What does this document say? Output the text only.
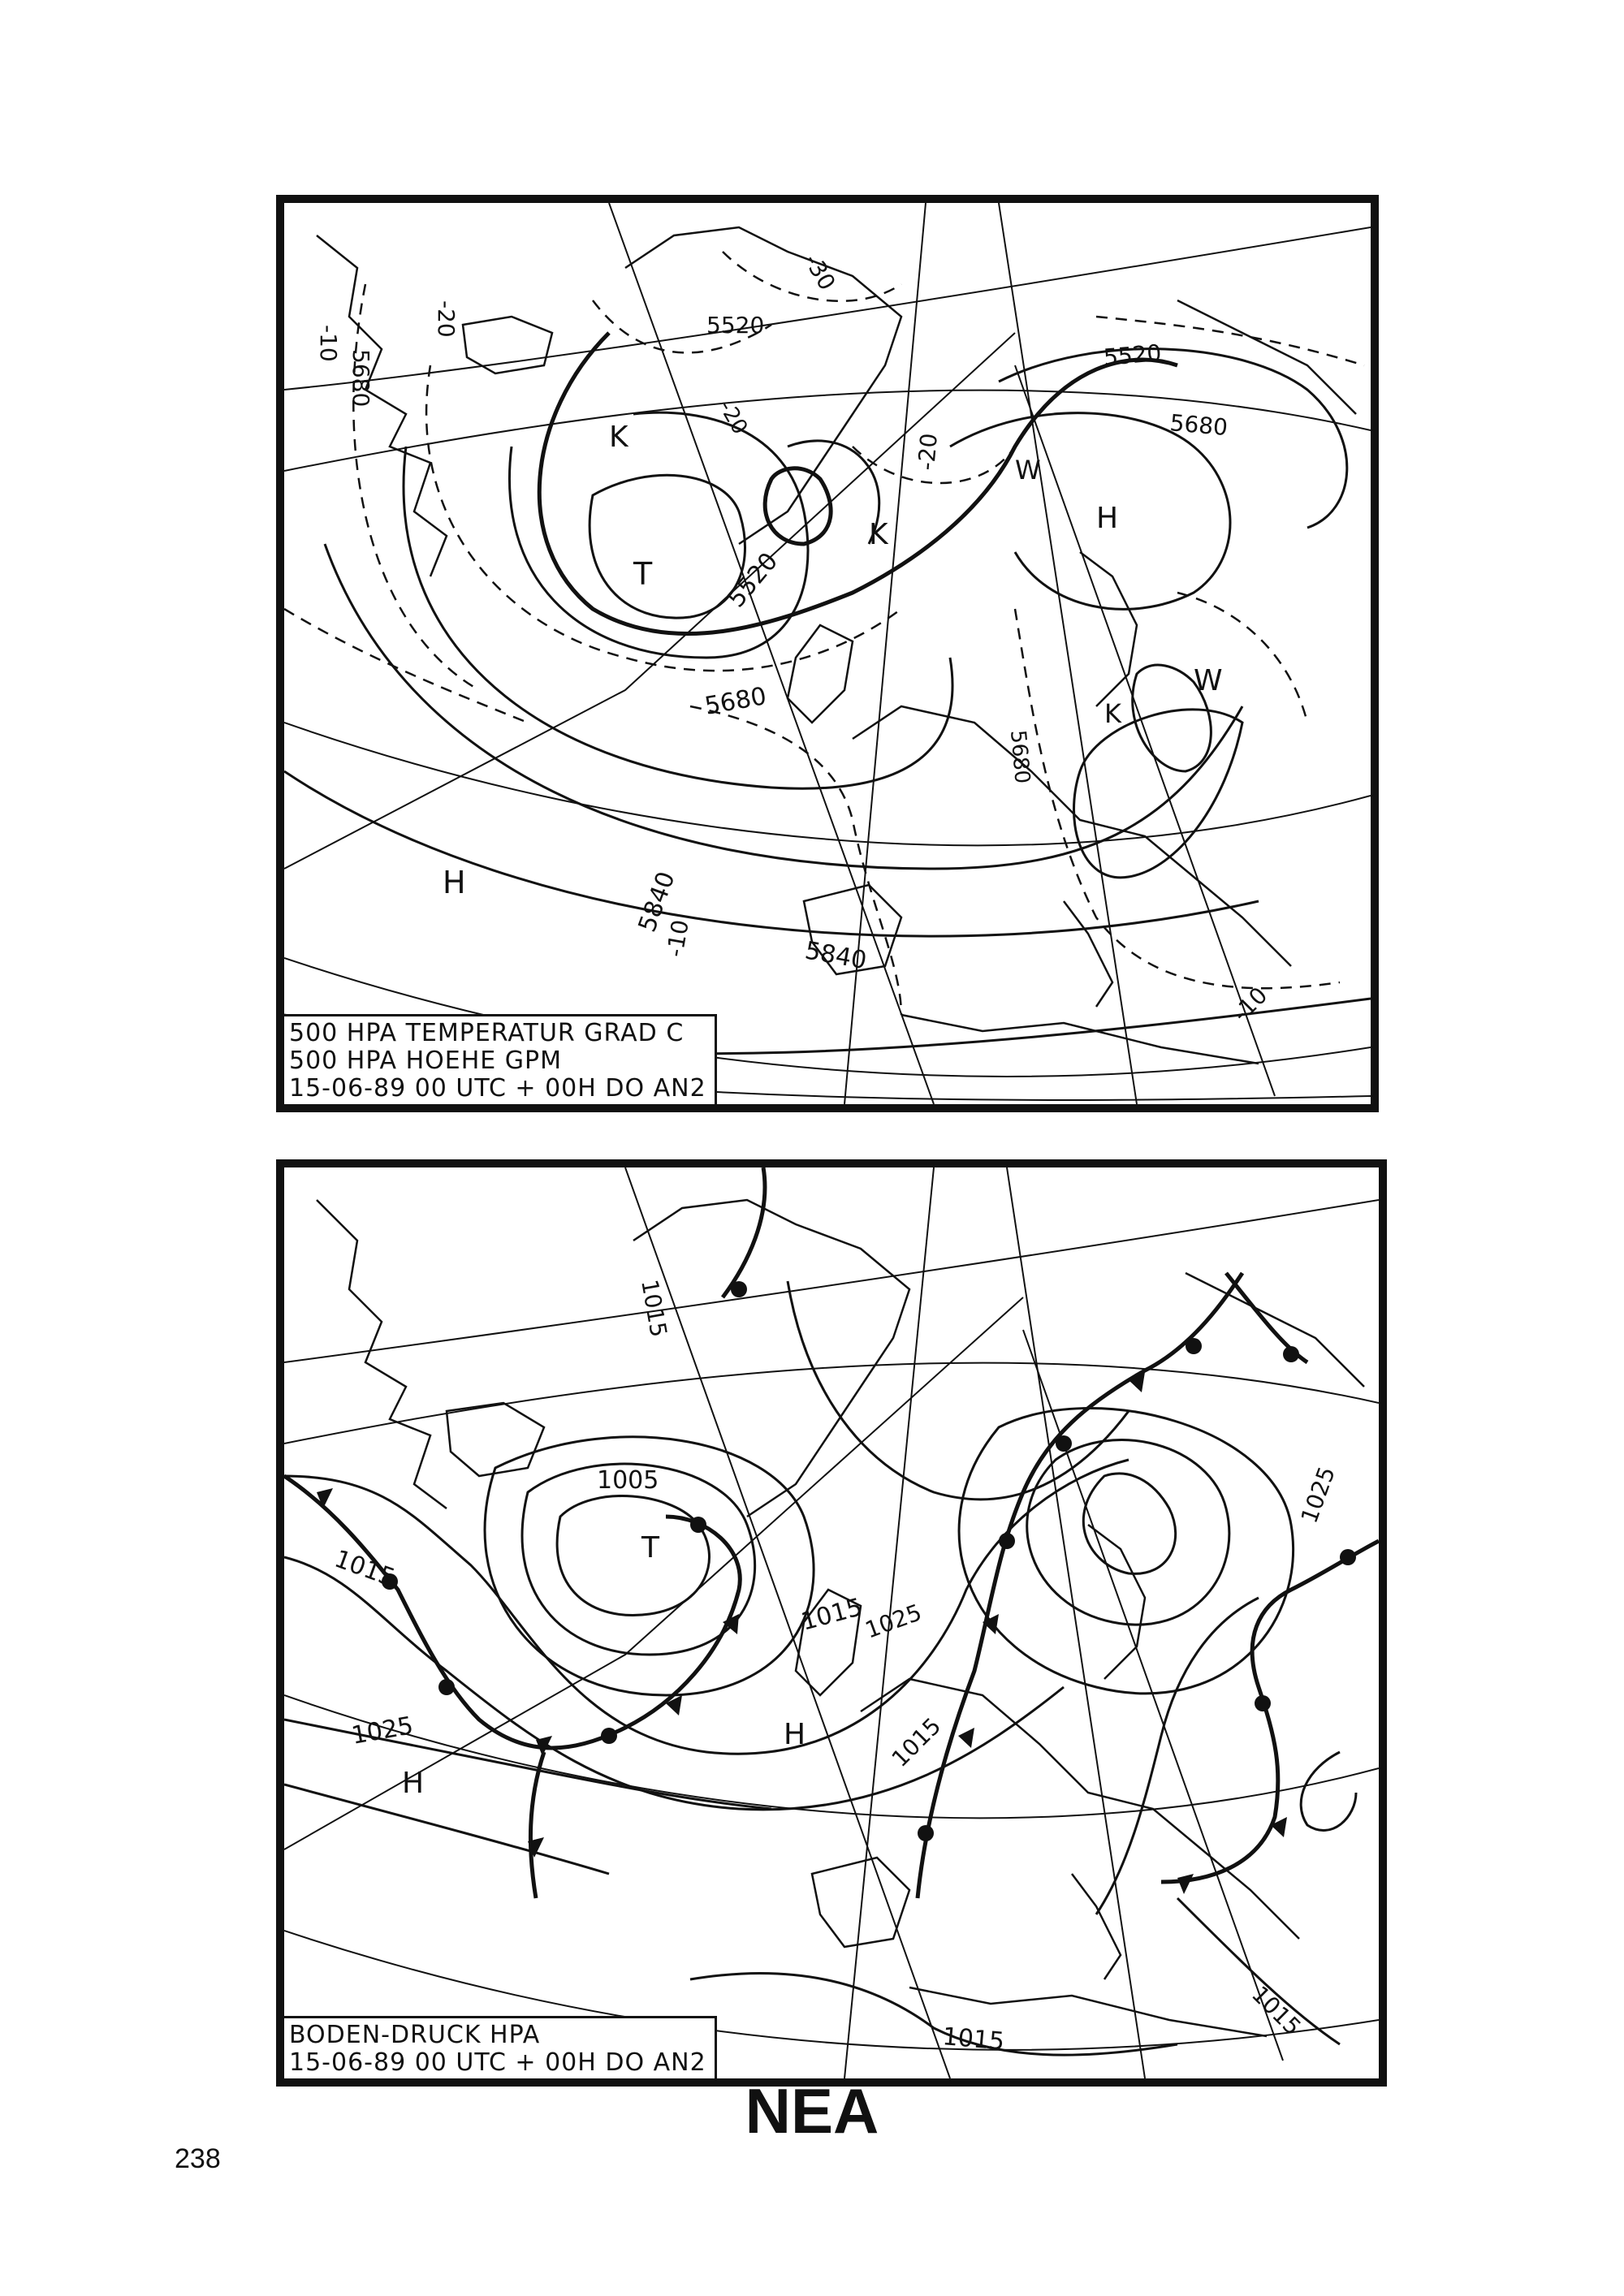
5680
5520
5520
5680
5680
5840
5840
5520
5680
-10
-20
-20
-30
-20
-10
-10
T
K
K	H
W
H
K
W
500 HPA TEMPERATUR GRAD C
500 HPA HOEHE GPM
15-06-89 00 UTC + 00H DO AN2
1005
1015
1015
1015
1025
1025
1025
1015
1015
1015
T
H
H
BODEN-DRUCK HPA
15-06-89 00 UTC + 00H DO AN2
NEA
238
